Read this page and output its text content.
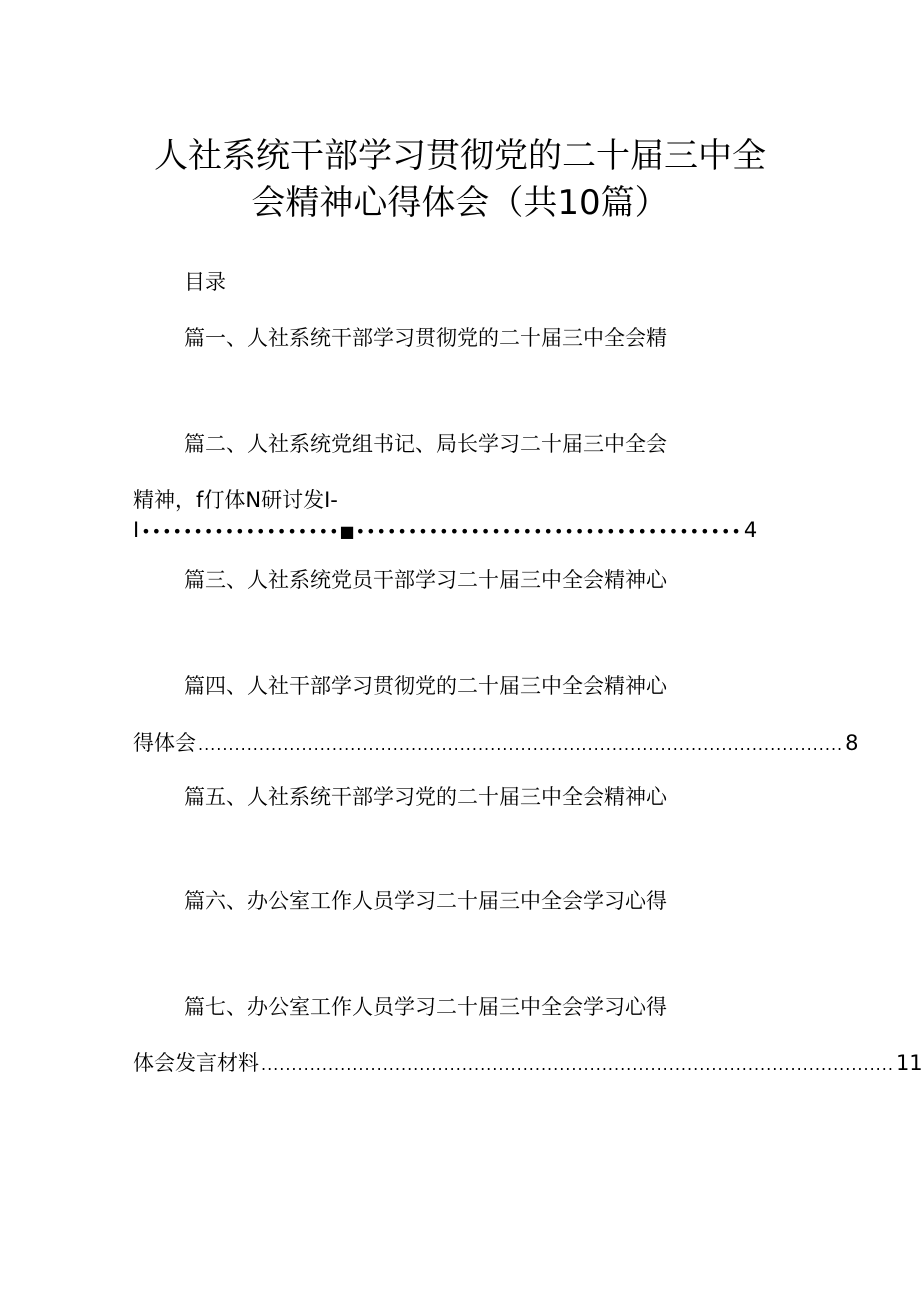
人社系统干部学习贯彻党的二十届三中全
会精神心得体会（共10篇）
目录
篇一、人社系统干部学习贯彻党的二十届三中全会精
篇二、人社系统党组书记、局长学习二十届三中全会
精神，f仃体N研讨发I-
I •••••••••••••••••••■••••••••••••••••••••••••••••••••••••• 4
篇三、人社系统党员干部学习二十届三中全会精神心
篇四、人社干部学习贯彻党的二十届三中全会精神心
得体会 .......................................................................................................... 8
篇五、人社系统干部学习党的二十届三中全会精神心
篇六、办公室工作人员学习二十届三中全会学习心得
篇七、办公室工作人员学习二十届三中全会学习心得
体会发言材料 ........................................................................................................ 11
